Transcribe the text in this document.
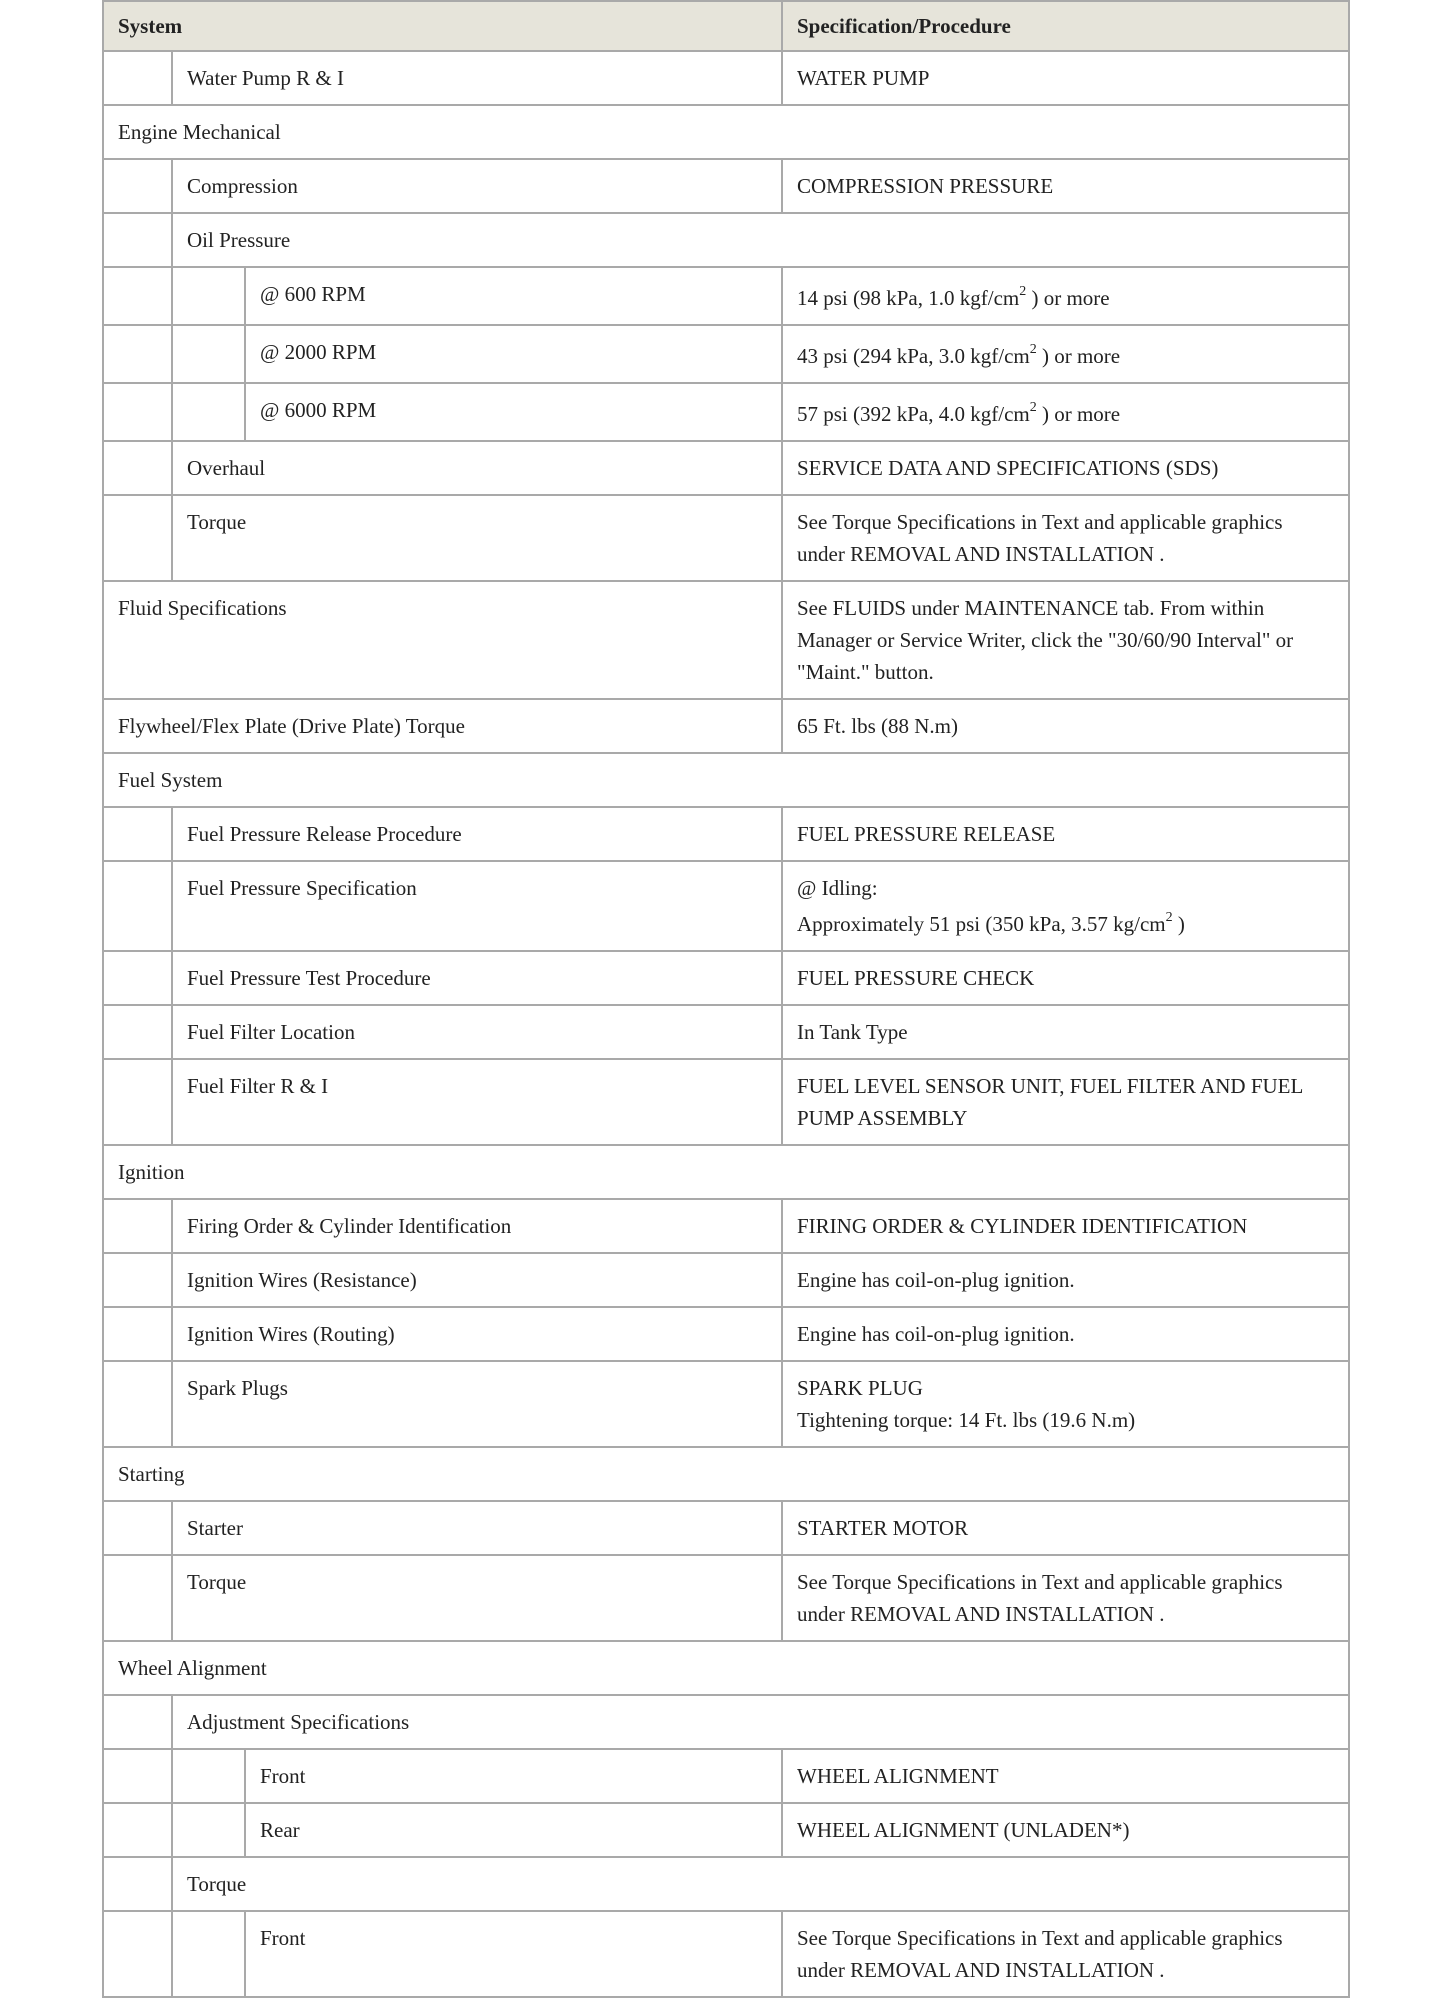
System			Specification/Procedure
	Water Pump R & I		WATER PUMP
Engine Mechanical			
	Compression		COMPRESSION PRESSURE
	Oil Pressure		
		@ 600 RPM	14 psi (98 kPa, 1.0 kgf/$cm^2$ ) or more
		@ 2000 RPM	43 psi (294 kPa, 3.0 kgf/$cm^2$ ) or more
		@ 6000 RPM	57 psi (392 kPa, 4.0 kgf/$cm^2$ ) or more
	Overhaul		SERVICE DATA AND SPECIFICATIONS (SDS)
	Torque		See Torque Specifications in Text and applicable graphics under REMOVAL AND INSTALLATION .
Fluid Specifications			See FLUIDS under MAINTENANCE tab. From within Manager or Service Writer, click the "30/60/90 Interval" or "Maint." button.
Flywheel/Flex Plate (Drive Plate) Torque			65 Ft. lbs (88 N.m)
Fuel System			
	Fuel Pressure Release Procedure		FUEL PRESSURE RELEASE
	Fuel Pressure Specification		@ Idling:
Approximately 51 psi (350 kPa, 3.57 $kg/cm^2$ )

	Fuel Pressure Test Procedure		FUEL PRESSURE CHECK
	Fuel Filter Location		In Tank Type
	Fuel Filter R & I		FUEL LEVEL SENSOR UNIT, FUEL FILTER AND FUEL PUMP ASSEMBLY
Ignition			
	Firing Order & Cylinder Identification		FIRING ORDER & CYLINDER IDENTIFICATION
	Ignition Wires (Resistance)		Engine has coil-on-plug ignition.
	Ignition Wires (Routing)		Engine has coil-on-plug ignition.
	Spark Plugs		SPARK PLUG
Tightening torque: 14 Ft. lbs (19.6 N.m)

Starting			
	Starter		STARTER MOTOR
	Torque		See Torque Specifications in Text and applicable graphics under REMOVAL AND INSTALLATION .
Wheel Alignment			
	Adjustment Specifications		
		Front	WHEEL ALIGNMENT
		Rear	WHEEL ALIGNMENT (UNLADEN*)
	Torque		
		Front	See Torque Specifications in Text and applicable graphics under REMOVAL AND INSTALLATION .
